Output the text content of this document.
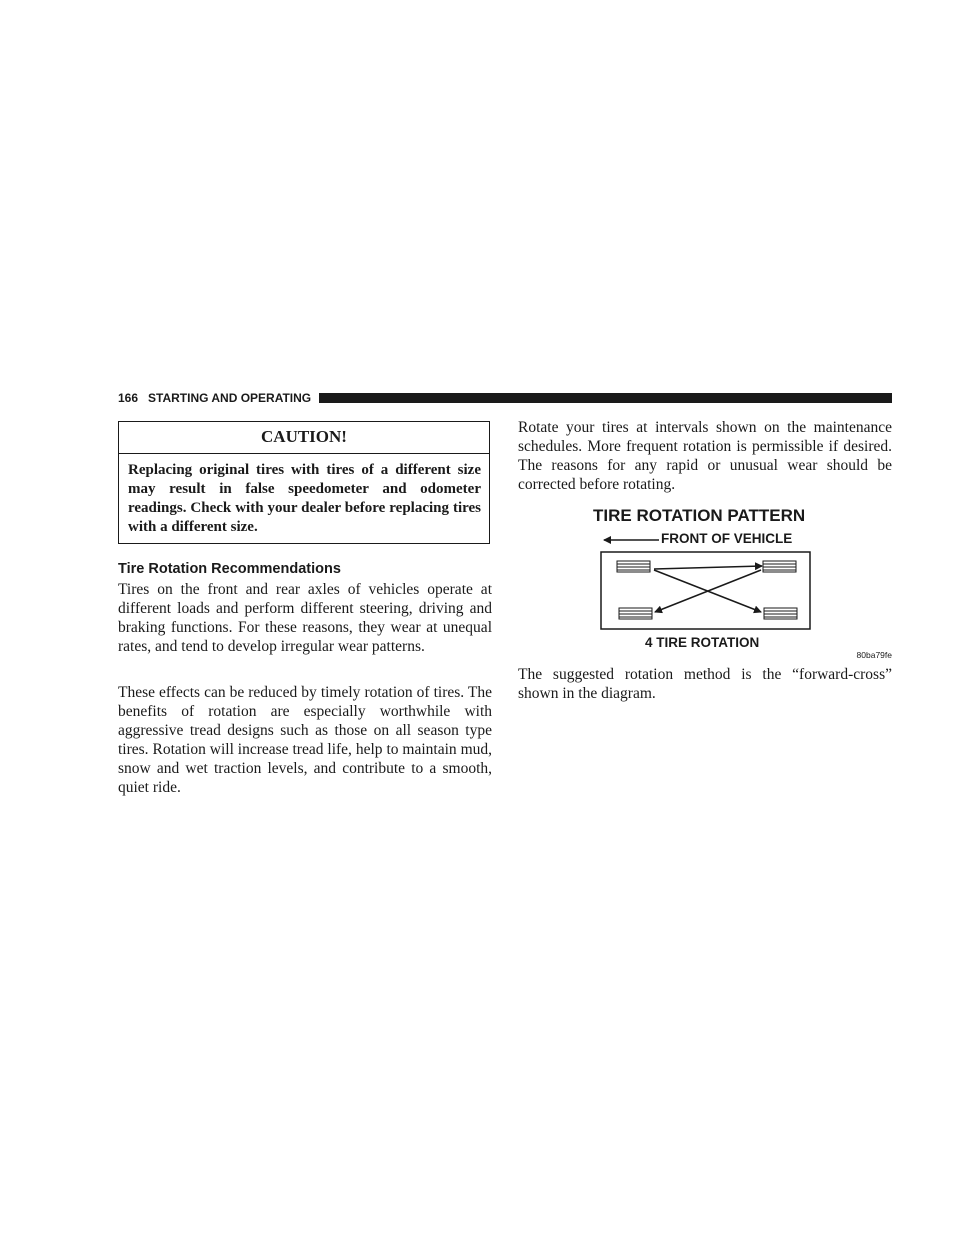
166 STARTING AND OPERATING
CAUTION!
Replacing original tires with tires of a different size may result in false speedometer and odometer readings. Check with your dealer before replacing tires with a different size.
Tire Rotation Recommendations
Tires on the front and rear axles of vehicles operate at different loads and perform different steering, driving and braking functions. For these reasons, they wear at unequal rates, and tend to develop irregular wear patterns.
These effects can be reduced by timely rotation of tires. The benefits of rotation are especially worthwhile with aggressive tread designs such as those on all season type tires. Rotation will increase tread life, help to maintain mud, snow and wet traction levels, and contribute to a smooth, quiet ride.
Rotate your tires at intervals shown on the maintenance schedules. More frequent rotation is permissible if desired. The reasons for any rapid or unusual wear should be corrected before rotating.
TIRE ROTATION PATTERN
FRONT OF VEHICLE
4 TIRE ROTATION
80ba79fe
The suggested rotation method is the “forward-cross” shown in the diagram.
